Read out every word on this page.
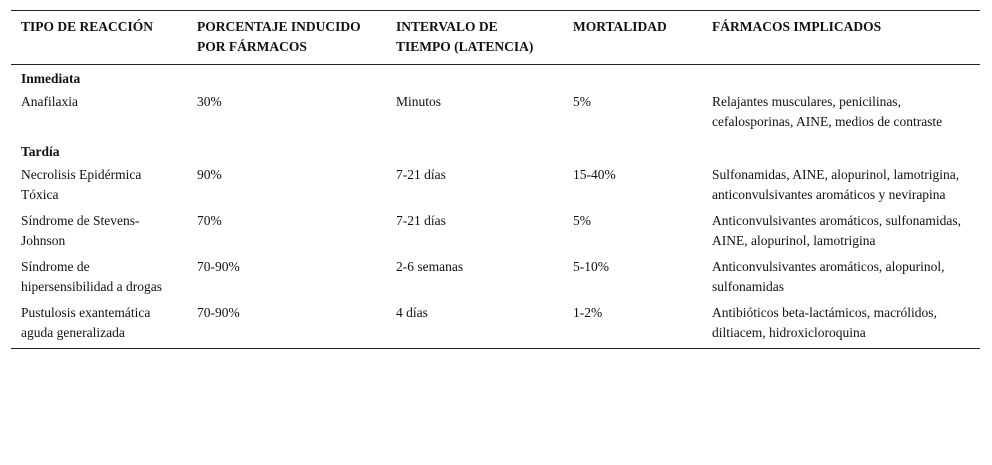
TIPO DE REACCIÓN	PORCENTAJE INDUCIDO POR FÁRMACOS	INTERVALO DE TIEMPO (LATENCIA)	MORTALIDAD	FÁRMACOS IMPLICADOS
Inmediata				
Anafilaxia	30%	Minutos	5%	Relajantes musculares, penicilinas, cefalosporinas, AINE, medios de contraste
Tardía				
Necrolisis Epidérmica Tóxica	90%	7-21 días	15-40%	Sulfonamidas, AINE, alopurinol, lamotrigina, anticonvulsivantes aromáticos y nevirapina
Síndrome de Stevens-Johnson	70%	7-21 días	5%	Anticonvulsivantes aromáticos, sulfonamidas, AINE, alopurinol, lamotrigina
Síndrome de hipersensibilidad a drogas	70-90%	2-6 semanas	5-10%	Anticonvulsivantes aromáticos, alopurinol, sulfonamidas
Pustulosis exantemática aguda generalizada	70-90%	4 días	1-2%	Antibióticos beta-lactámicos, macrólidos, diltiacem, hidroxicloroquina
